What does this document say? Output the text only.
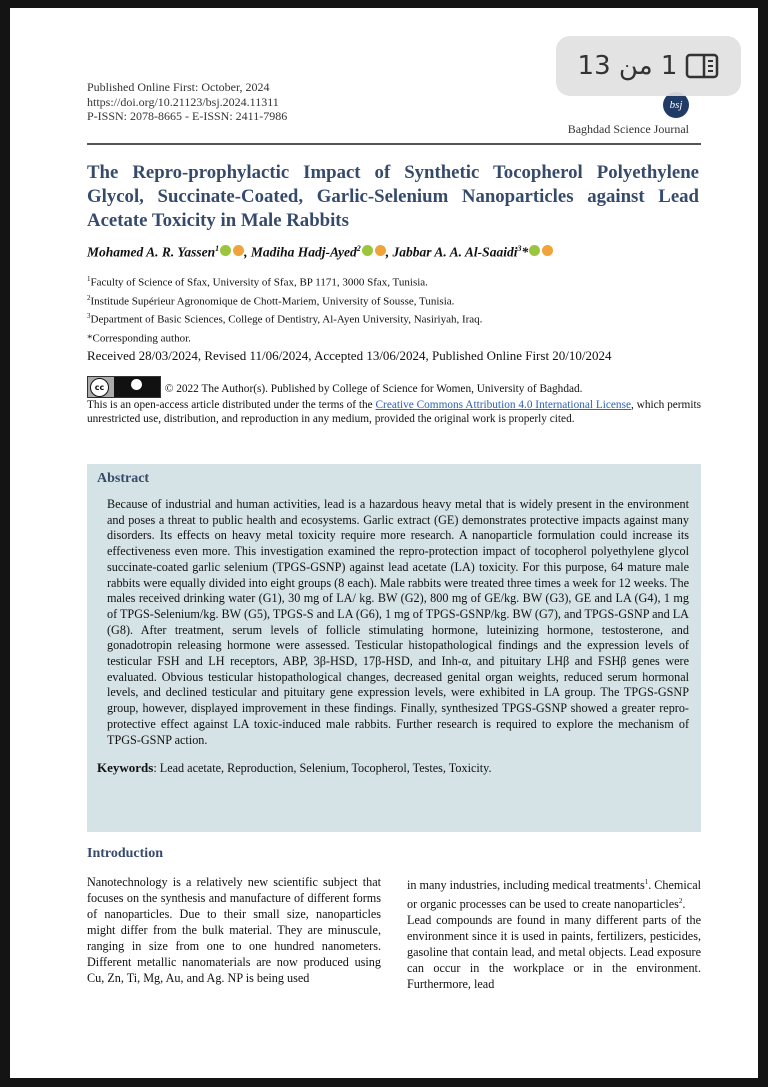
Published Online First: October, 2024
https://doi.org/10.21123/bsj.2024.11311
P-ISSN: 2078-8665 - E-ISSN: 2411-7986
bsj
Baghdad Science Journal
The Repro-prophylactic Impact of Synthetic Tocopherol Polyethylene Glycol, Succinate-Coated, Garlic-Selenium Nanoparticles against Lead Acetate Toxicity in Male Rabbits
Mohamed A. R. Yassen$^1$ , Madiha Hadj-Ayed$^2$ , Jabbar A. A. Al-Saaidi$^3$*
$^1$Faculty of Science of Sfax, University of Sfax, BP 1171, 3000 Sfax, Tunisia.
$^2$Institude Supérieur Agronomique de Chott-Mariem, University of Sousse, Tunisia.
$^3$Department of Basic Sciences, College of Dentistry, Al-Ayen University, Nasiriyah, Iraq.
*Corresponding author.
Received 28/03/2024, Revised 11/06/2024, Accepted 13/06/2024, Published Online First 20/10/2024
cc	© 2022 The Author(s). Published by College of Science for Women, University of Baghdad.
This is an open-access article distributed under the terms of the Creative Commons Attribution 4.0 International License, which permits unrestricted use, distribution, and reproduction in any medium, provided the original work is properly cited.
Abstract
Because of industrial and human activities, lead is a hazardous heavy metal that is widely present in the environment and poses a threat to public health and ecosystems. Garlic extract (GE) demonstrates protective impacts against many disorders. Its effects on heavy metal toxicity require more research. A nanoparticle formulation could increase its effectiveness even more. This investigation examined the repro-protection impact of tocopherol polyethylene glycol succinate-coated garlic selenium (TPGS-GSNP) against lead acetate (LA) toxicity. For this purpose, 64 mature male rabbits were equally divided into eight groups (8 each). Male rabbits were treated three times a week for 12 weeks. The males received drinking water (G1), 30 mg of LA/ kg. BW (G2), 800 mg of GE/kg. BW (G3), GE and LA (G4), 1 mg of TPGS-Selenium/kg. BW (G5), TPGS-S and LA (G6), 1 mg of TPGS-GSNP/kg. BW (G7), and TPGS-GSNP and LA (G8). After treatment, serum levels of follicle stimulating hormone, luteinizing hormone, testosterone, and gonadotropin releasing hormone were assessed. Testicular histopathological findings and the expression levels of testicular FSH and LH receptors, ABP, 3β-HSD, 17β-HSD, and Inh-α, and pituitary LHβ and FSHβ genes were evaluated. Obvious testicular histopathological changes, decreased genital organ weights, reduced serum hormonal levels, and declined testicular and pituitary gene expression levels, were exhibited in LA group. The TPGS-GSNP group, however, displayed improvement in these findings. Finally, synthesized TPGS-GSNP showed a greater repro-protective effect against LA toxic-induced male rabbits. Further research is required to explore the mechanism of TPGS-GSNP action.
Keywords: Lead acetate, Reproduction, Selenium, Tocopherol, Testes, Toxicity.
Introduction

Nanotechnology is a relatively new scientific subject that focuses on the synthesis and manufacture of different forms of nanoparticles. Due to their small size, nanoparticles might differ from the bulk material. They are minuscule, ranging in size from one to one hundred nanometers. Different metallic nanomaterials are now produced using Cu, Zn, Ti, Mg, Au, and Ag. NP is being used

in many industries, including medical treatments$^1$. Chemical or organic processes can be used to create nanoparticles$^2$.

Lead compounds are found in many different parts of the environment since it is used in paints, fertilizers, pesticides, gasoline that contain lead, and metal objects. Lead exposure can occur in the workplace or in the environment. Furthermore, lead

1 من 13
